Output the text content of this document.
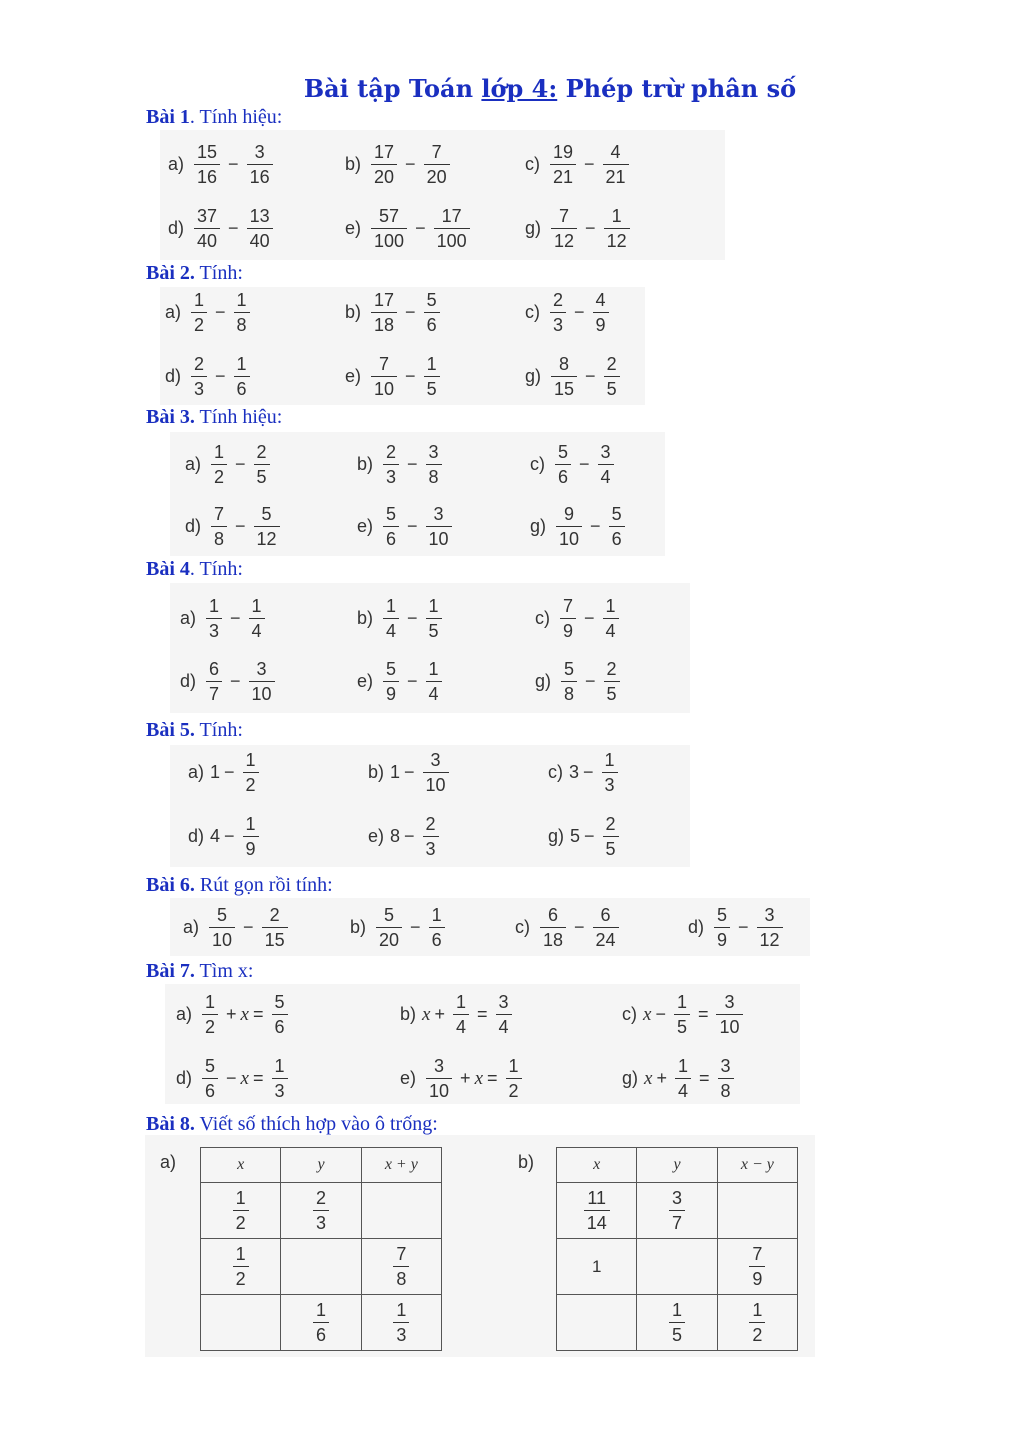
Bài tập Toán lớp 4: Phép trừ phân số
Bài 1. Tính hiệu:
$a) \frac{15}{16} - \frac{3}{16}$	$b) \frac{17}{20} - \frac{7}{20}$	$c) \frac{19}{21} - \frac{4}{21}$
$d) \frac{37}{40} - \frac{13}{40}$	$e) \frac{57}{100} - \frac{17}{100}$	$g) \frac{7}{12} - \frac{1}{12}$
Bài 2. Tính:
$a) \frac{1}{2} - \frac{1}{8}$	$b) \frac{17}{18} - \frac{5}{6}$	$c) \frac{2}{3} - \frac{4}{9}$
$d) \frac{2}{3} - \frac{1}{6}$	$e) \frac{7}{10} - \frac{1}{5}$	$g) \frac{8}{15} - \frac{2}{5}$
Bài 3. Tính hiệu:
$a) \frac{1}{2} - \frac{2}{5}$	$b) \frac{2}{3} - \frac{3}{8}$	$c) \frac{5}{6} - \frac{3}{4}$
$d) \frac{7}{8} - \frac{5}{12}$	$e) \frac{5}{6} - \frac{3}{10}$	$g) \frac{9}{10} - \frac{5}{6}$
Bài 4. Tính:
$a) \frac{1}{3} - \frac{1}{4}$	$b) \frac{1}{4} - \frac{1}{5}$	$c) \frac{7}{9} - \frac{1}{4}$
$d) \frac{6}{7} - \frac{3}{10}$	$e) \frac{5}{9} - \frac{1}{4}$	$g) \frac{5}{8} - \frac{2}{5}$
Bài 5. Tính:
a) $1 - \frac{1}{2}$	b) $1 - \frac{3}{10}$	c) $3 - \frac{1}{3}$
d) $4 - \frac{1}{9}$	e) $8 - \frac{2}{3}$	g) $5 - \frac{2}{5}$
Bài 6. Rút gọn rồi tính:
$a) \frac{5}{10} - \frac{2}{15}$	$b) \frac{5}{20} - \frac{1}{6}$	$c) \frac{6}{18} - \frac{6}{24}$	$d) \frac{5}{9} - \frac{3}{12}$
Bài 7. Tìm x:
$a) \frac{1}{2} + x = \frac{5}{6}$	b) $x + \frac{1}{4} = \frac{3}{4}$	c) $x - \frac{1}{5} = \frac{3}{10}$
$d) \frac{5}{6} - x = \frac{1}{3}$	$e) \frac{3}{10} + x = \frac{1}{2}$	g) $x + \frac{1}{4} = \frac{3}{8}$
Bài 8. Viết số thích hợp vào ô trống:
a)	x	y	x + y

$\frac{1}{2}$	$\frac{2}{3}$

$\frac{1}{2}$		$\frac{7}{8}$

	$\frac{1}{6}$	$\frac{1}{3}$
b)	x	y	x − y

$\frac{11}{14}$	$\frac{3}{7}$

1		$\frac{7}{9}$

	$\frac{1}{5}$	$\frac{1}{2}$
